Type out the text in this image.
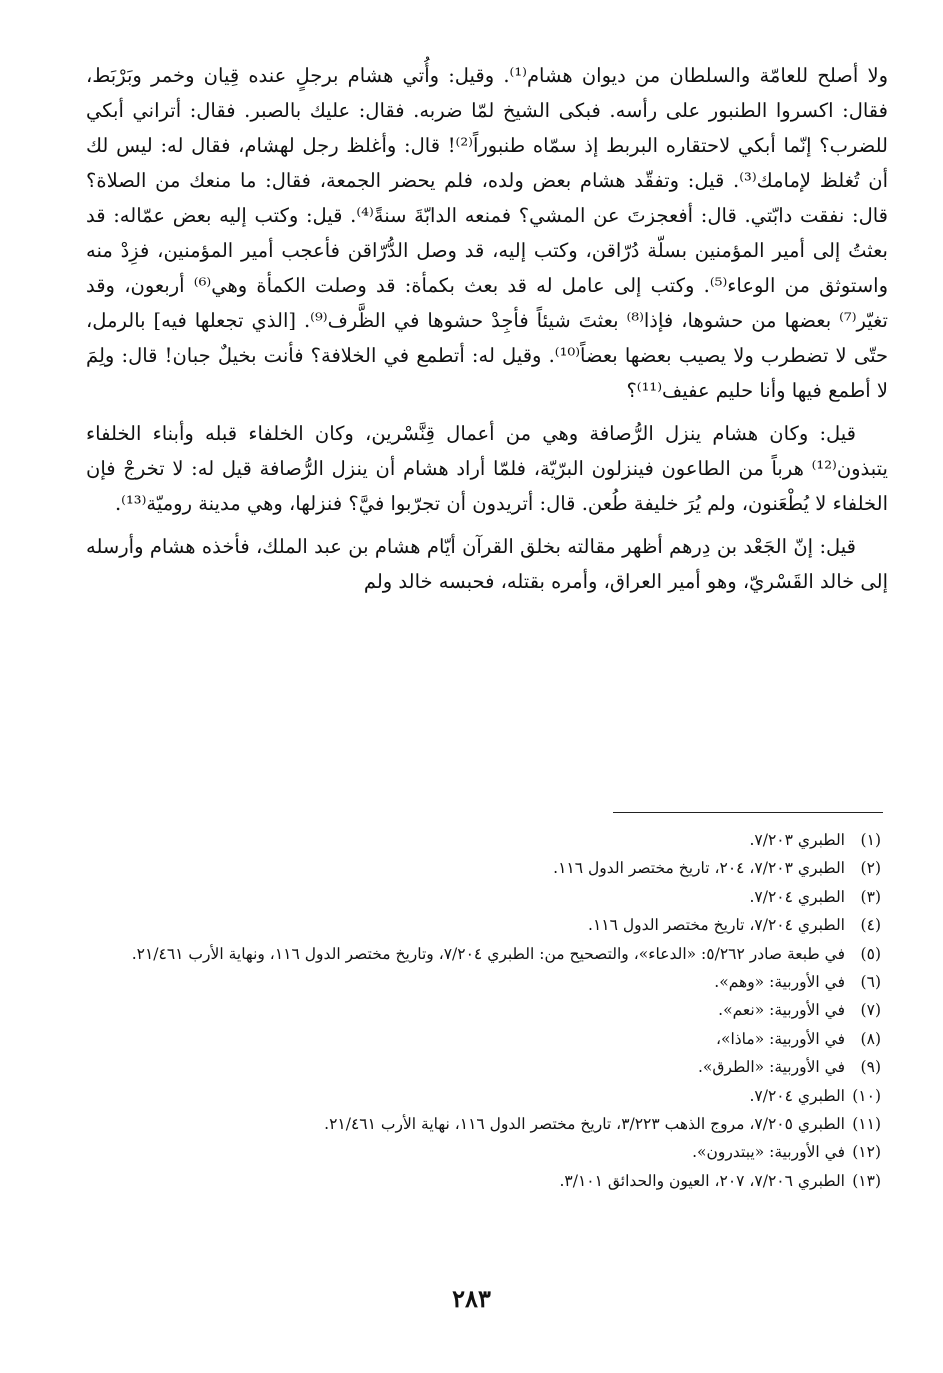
ولا أصلح للعامّة والسلطان من ديوان هشام⁽¹⁾. وقيل: وأُتي هشام برجلٍ عنده قِيان وخمر وبَرْبَط، فقال: اكسروا الطنبور على رأسه. فبكى الشيخ لمّا ضربه. فقال: عليك بالصبر. فقال: أتراني أبكي للضرب؟ إنّما أبكي لاحتقاره البربط إذ سمّاه طنبوراً⁽²⁾! قال: وأغلظ رجل لهشام، فقال له: ليس لك أن تُغلظ لإمامك⁽³⁾. قيل: وتفقّد هشام بعض ولده، فلم يحضر الجمعة، فقال: ما منعك من الصلاة؟ قال: نفقت دابّتي. قال: أفعجزتَ عن المشي؟ فمنعه الدابّةَ سنةً⁽⁴⁾. قيل: وكتب إليه بعض عمّاله: قد بعثتُ إلى أمير المؤمنين بسلّة دُرّاقن، وكتب إليه، قد وصل الدُّرّاقن فأعجب أمير المؤمنين، فزِدْ منه واستوثق من الوعاء⁽⁵⁾. وكتب إلى عامل له قد بعث بكمأة: قد وصلت الكمأة وهي⁽⁶⁾ أربعون، وقد تغيّر⁽⁷⁾ بعضها من حشوها، فإذا⁽⁸⁾ بعثتَ شيئاً فأجِدْ حشوها في الظَّرف⁽⁹⁾. [الذي تجعلها فيه] بالرمل، حتّى لا تضطرب ولا يصيب بعضها بعضاً⁽¹⁰⁾. وقيل له: أتطمع في الخلافة؟ فأنت بخيلٌ جبان! قال: ولِمَ لا أطمع فيها وأنا حليم عفيف⁽¹¹⁾؟

قيل: وكان هشام ينزل الرُّصافة وهي من أعمال قِنَّسْرين، وكان الخلفاء قبله وأبناء الخلفاء يتبذون⁽¹²⁾ هرباً من الطاعون فينزلون البرّيّة، فلمّا أراد هشام أن ينزل الرُّصافة قيل له: لا تخرجْ فإن الخلفاء لا يُطْعَنون، ولم يُرَ خليفة طُعن. قال: أتريدون أن تجرّبوا فيَّ؟ فنزلها، وهي مدينة روميّة⁽¹³⁾.

قيل: إنّ الجَعْد بن دِرهم أظهر مقالته بخلق القرآن أيّام هشام بن عبد الملك، فأخذه هشام وأرسله إلى خالد القَسْريّ، وهو أمير العراق، وأمره بقتله، فحبسه خالد ولم

(١)
الطبري ٧/٢٠٣.
(٢)
الطبري ٧/٢٠٣، ٢٠٤، تاريخ مختصر الدول ١١٦.
(٣)
الطبري ٧/٢٠٤.
(٤)
الطبري ٧/٢٠٤، تاريخ مختصر الدول ١١٦.
(٥)
في طبعة صادر ٥/٢٦٢: «الدعاء»، والتصحيح من: الطبري ٧/٢٠٤، وتاريخ مختصر الدول ١١٦، ونهاية الأرب ٢١/٤٦١.
(٦)
في الأوربية: «وهم».
(٧)
في الأوربية: «نعم».
(٨)
في الأوربية: «ماذا»،
(٩)
في الأوربية: «الطرق».
(١٠)
الطبري ٧/٢٠٤.
(١١)
الطبري ٧/٢٠٥، مروج الذهب ٣/٢٢٣، تاريخ مختصر الدول ١١٦، نهاية الأرب ٢١/٤٦١.
(١٢)
في الأوربية: «يبتدرون».
(١٣)
الطبري ٧/٢٠٦، ٢٠٧، العيون والحدائق ٣/١٠١.
٢٨٣
